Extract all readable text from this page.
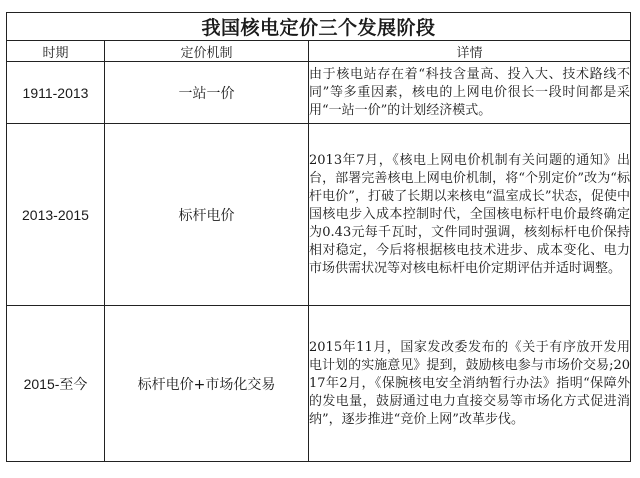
我国核电定价三个发展阶段		
时期	定价机制	详情
1911-2013	一站一价	由于核电站存在着“科技含量高、投入大、技术路线不同”等多重因素，核电的上网电价很长一段时间都是采用“一站一价”的计划经济模式。
2013-2015	标杆电价	2013年7月，《核电上网电价机制有关问题的通知》出台，部署完善核电上网电价机制，将“个别定价”改为“标杆电价”，打破了长期以来核电“温室成长”状态，促使中国核电步入成本控制时代，全国核电标杆电价最终确定为0.43元每千瓦时，文件同时强调，核刻标杆电价保持相对稳定，今后将根据核电技术进步、成本变化、电力市场供需状况等对核电标杆电价定期评估并适时调整。
2015-至今	标杆电价+市场化交易	2015年11月，国家发改委发布的《关于有序放开发用电计划的实施意见》提到，鼓励核电参与市场价交易;2017年2月，《保腕核电安全消纳暂行办法》指明“保障外的发电量，鼓厨通过电力直接交易等市场化方式促进消纳”，逐步推进“竞价上网”改革步伐。
